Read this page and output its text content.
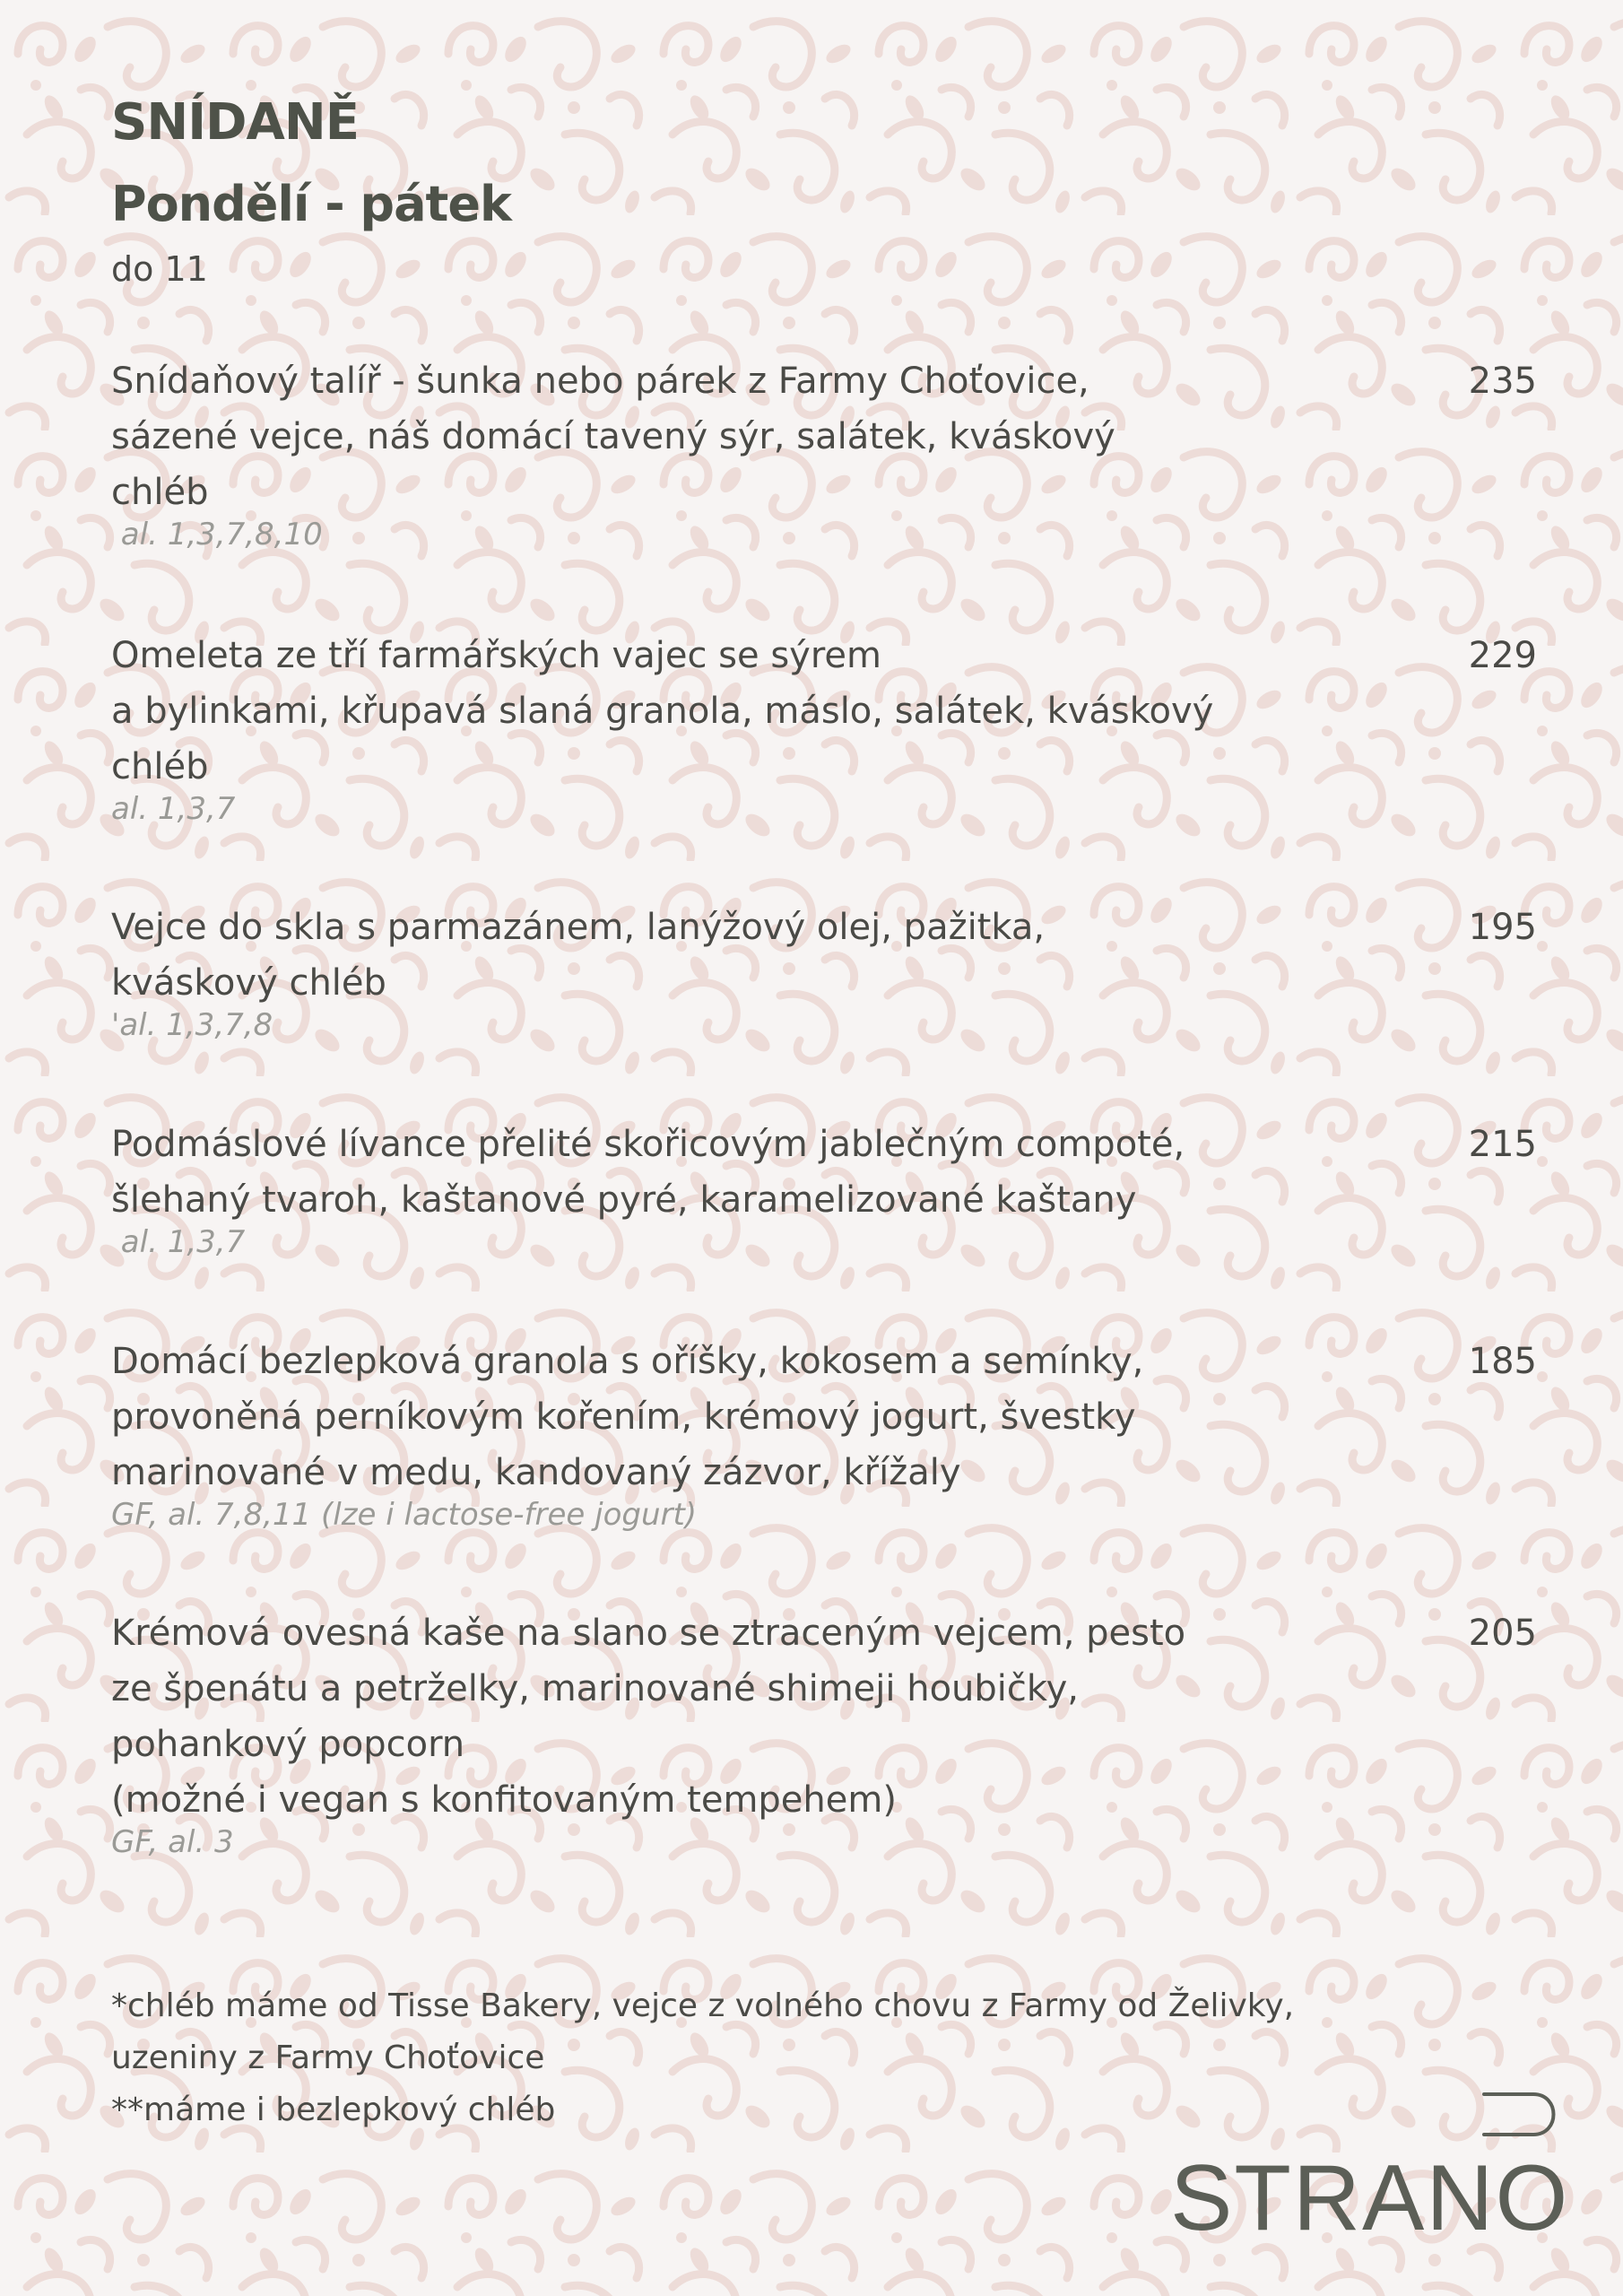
SNÍDANĚ
Pondělí - pátek

do 11

Snídaňový talíř - šunka nebo párek z Farmy Choťovice,
sázené vejce, náš domácí tavený sýr, salátek, kváskový
chléb
235
al. 1,3,7,8,10
Omeleta ze tří farmářských vajec se sýrem
a bylinkami, křupavá slaná granola, máslo, salátek, kváskový
chléb
229
al. 1,3,7
Vejce do skla s parmazánem, lanýžový olej, pažitka,
kváskový chléb
195
'al. 1,3,7,8
Podmáslové lívance přelité skořicovým jablečným compoté,
šlehaný tvaroh, kaštanové pyré, karamelizované kaštany
215
al. 1,3,7
Domácí bezlepková granola s oříšky, kokosem a semínky,
provoněná perníkovým kořením, krémový jogurt, švestky
marinované v medu, kandovaný zázvor, křížaly
185
GF, al. 7,8,11 (lze i lactose-free jogurt)
Krémová ovesná kaše na slano se ztraceným vejcem, pesto
ze špenátu a petrželky, marinované shimeji houbičky,
pohankový popcorn
(možné i vegan s konfitovaným tempehem)
205
GF, al. 3
*chléb máme od Tisse Bakery, vejce z volného chovu z Farmy od Želivky,
uzeniny z Farmy Choťovice
**máme i bezlepkový chléb
STRANO
